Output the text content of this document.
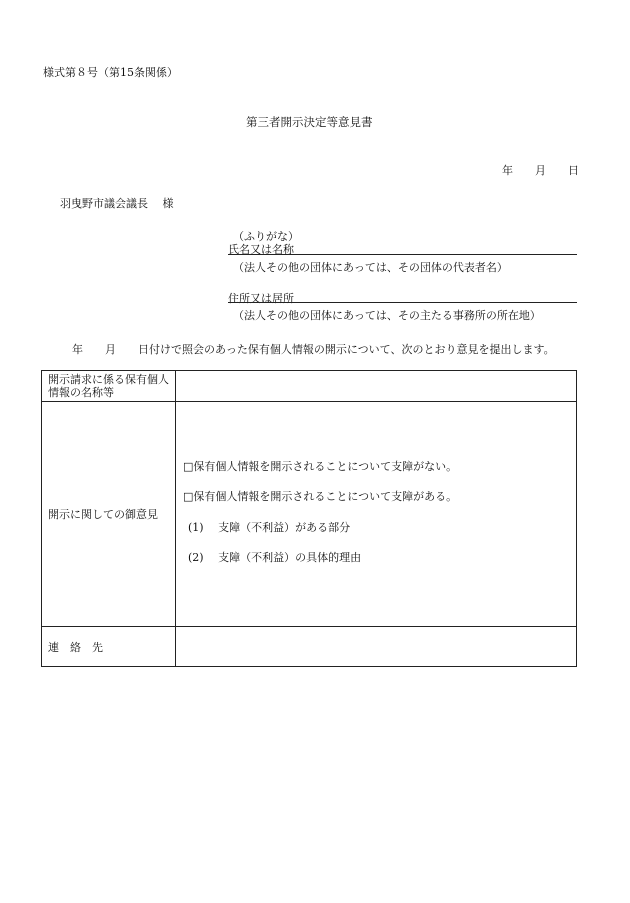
様式第８号（第15条関係）
第三者開示決定等意見書
年　　月　　日
羽曳野市議会議長　 様
（ふりがな）
氏名又は名称
（法人その他の団体にあっては、その団体の代表者名）
住所又は居所
（法人その他の団体にあっては、その主たる事務所の所在地）
年　　月　　日付けで照会のあった保有個人情報の開示について、次のとおり意見を提出します。
開示請求に係る保有個人情報の名称等	
開示に関しての御意見	□保有個人情報を開示されることについて支障がない。
□保有個人情報を開示されることについて支障がある。
(1)　 支障（不利益）がある部分
(2)　 支障（不利益）の具体的理由

連　絡　先	
